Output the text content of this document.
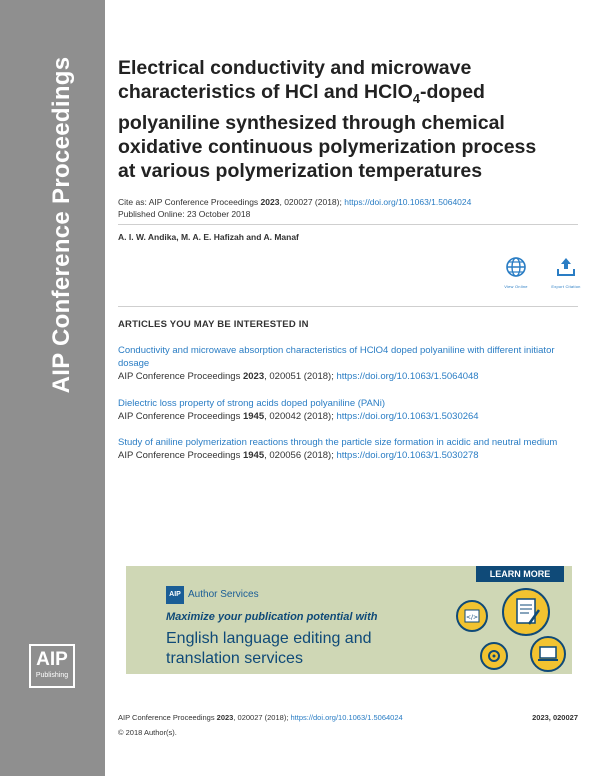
AIP Conference Proceedings
AIP
Publishing
Electrical conductivity and microwave characteristics of HCl and HClO$_4$-doped polyaniline synthesized through chemical oxidative continuous polymerization process at various polymerization temperatures
Cite as: AIP Conference Proceedings 2023, 020027 (2018); https://doi.org/10.1063/1.5064024
Published Online: 23 October 2018
A. I. W. Andika, M. A. E. Hafizah and A. Manaf
View Online	Export Citation
ARTICLES YOU MAY BE INTERESTED IN
Conductivity and microwave absorption characteristics of HClO4 doped polyaniline with different initiator dosage
AIP Conference Proceedings 2023, 020051 (2018); https://doi.org/10.1063/1.5064048
Dielectric loss property of strong acids doped polyaniline (PANi)
AIP Conference Proceedings 1945, 020042 (2018); https://doi.org/10.1063/1.5030264
Study of aniline polymerization reactions through the particle size formation in acidic and neutral medium
AIP Conference Proceedings 1945, 020056 (2018); https://doi.org/10.1063/1.5030278
LEARN MORE
AIP Author Services
Maximize your publication potential with
English language editing and
translation services
</>
AIP Conference Proceedings 2023, 020027 (2018); https://doi.org/10.1063/1.5064024	2023, 020027
© 2018 Author(s).
